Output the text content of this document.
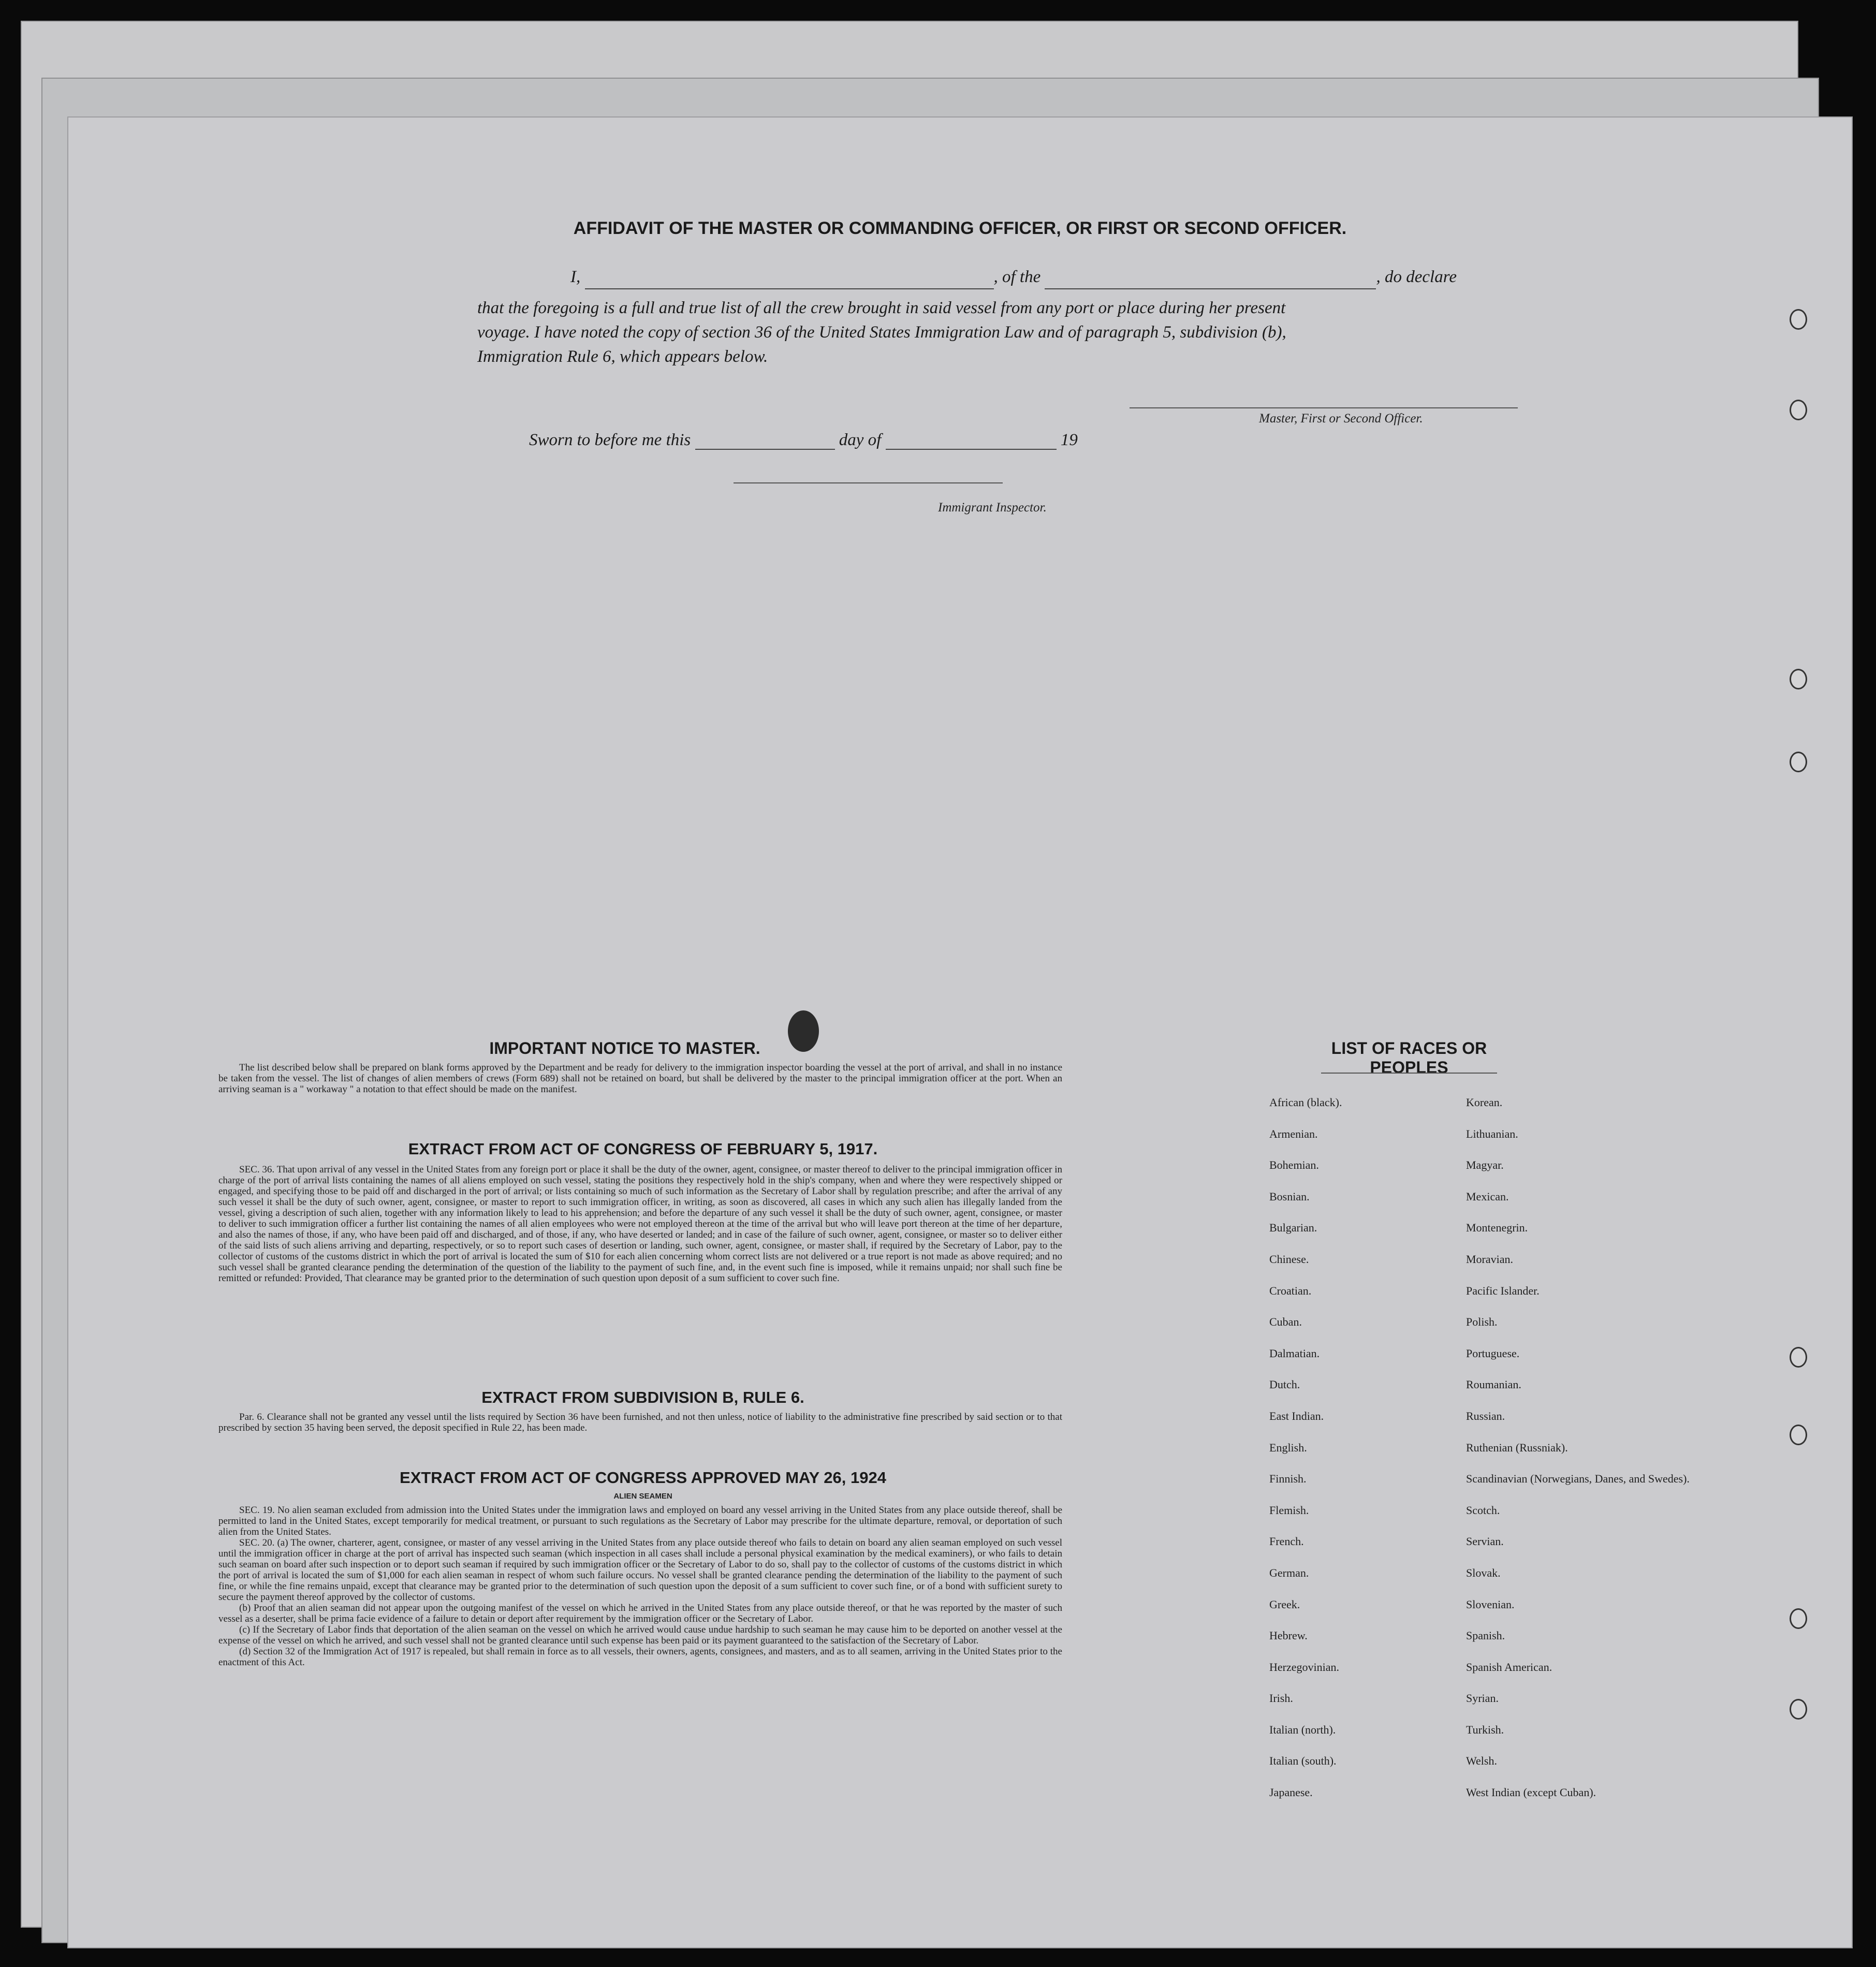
AFFIDAVIT OF THE MASTER OR COMMANDING OFFICER, OR FIRST OR SECOND OFFICER.
I,	, of the	, do declare
that the foregoing is a full and true list of all the crew brought in said vessel from any port or place during her present
voyage. I have noted the copy of section 36 of the United States Immigration Law and of paragraph 5, subdivision (b),
Immigration Rule 6, which appears below.
Master, First or Second Officer.
Sworn to before me this	day of	19
Immigrant Inspector.
IMPORTANT NOTICE TO MASTER.

The list described below shall be prepared on blank forms approved by the Department and be ready for delivery to the immigration inspector boarding the vessel at the port of arrival, and shall in no instance be taken from the vessel. The list of changes of alien members of crews (Form 689) shall not be retained on board, but shall be delivered by the master to the principal immigration officer at the port. When an arriving seaman is a " workaway " a notation to that effect should be made on the manifest.

EXTRACT FROM ACT OF CONGRESS OF FEBRUARY 5, 1917.

SEC. 36. That upon arrival of any vessel in the United States from any foreign port or place it shall be the duty of the owner, agent, consignee, or master thereof to deliver to the principal immigration officer in charge of the port of arrival lists containing the names of all aliens employed on such vessel, stating the positions they respectively hold in the ship's company, when and where they were respectively shipped or engaged, and specifying those to be paid off and discharged in the port of arrival; or lists containing so much of such information as the Secretary of Labor shall by regulation prescribe; and after the arrival of any such vessel it shall be the duty of such owner, agent, consignee, or master to report to such immigration officer, in writing, as soon as discovered, all cases in which any such alien has illegally landed from the vessel, giving a description of such alien, together with any information likely to lead to his apprehension; and before the departure of any such vessel it shall be the duty of such owner, agent, consignee, or master to deliver to such immigration officer a further list containing the names of all alien employees who were not employed thereon at the time of the arrival but who will leave port thereon at the time of her departure, and also the names of those, if any, who have been paid off and discharged, and of those, if any, who have deserted or landed; and in case of the failure of such owner, agent, consignee, or master so to deliver either of the said lists of such aliens arriving and departing, respectively, or so to report such cases of desertion or landing, such owner, agent, consignee, or master shall, if required by the Secretary of Labor, pay to the collector of customs of the customs district in which the port of arrival is located the sum of $10 for each alien concerning whom correct lists are not delivered or a true report is not made as above required; and no such vessel shall be granted clearance pending the determination of the question of the liability to the payment of such fine, and, in the event such fine is imposed, while it remains unpaid; nor shall such fine be remitted or refunded: Provided, That clearance may be granted prior to the determination of such question upon deposit of a sum sufficient to cover such fine.

EXTRACT FROM SUBDIVISION B, RULE 6.

Par. 6. Clearance shall not be granted any vessel until the lists required by Section 36 have been furnished, and not then unless, notice of liability to the administrative fine prescribed by said section or to that prescribed by section 35 having been served, the deposit specified in Rule 22, has been made.

EXTRACT FROM ACT OF CONGRESS APPROVED MAY 26, 1924
ALIEN SEAMEN

SEC. 19. No alien seaman excluded from admission into the United States under the immigration laws and employed on board any vessel arriving in the United States from any place outside thereof, shall be permitted to land in the United States, except temporarily for medical treatment, or pursuant to such regulations as the Secretary of Labor may prescribe for the ultimate departure, removal, or deportation of such alien from the United States.

SEC. 20. (a) The owner, charterer, agent, consignee, or master of any vessel arriving in the United States from any place outside thereof who fails to detain on board any alien seaman employed on such vessel until the immigration officer in charge at the port of arrival has inspected such seaman (which inspection in all cases shall include a personal physical examination by the medical examiners), or who fails to detain such seaman on board after such inspection or to deport such seaman if required by such immigration officer or the Secretary of Labor to do so, shall pay to the collector of customs of the customs district in which the port of arrival is located the sum of $1,000 for each alien seaman in respect of whom such failure occurs. No vessel shall be granted clearance pending the determination of the liability to the payment of such fine, or while the fine remains unpaid, except that clearance may be granted prior to the determination of such question upon the deposit of a sum sufficient to cover such fine, or of a bond with sufficient surety to secure the payment thereof approved by the collector of customs.

(b) Proof that an alien seaman did not appear upon the outgoing manifest of the vessel on which he arrived in the United States from any place outside thereof, or that he was reported by the master of such vessel as a deserter, shall be prima facie evidence of a failure to detain or deport after requirement by the immigration officer or the Secretary of Labor.

(c) If the Secretary of Labor finds that deportation of the alien seaman on the vessel on which he arrived would cause undue hardship to such seaman he may cause him to be deported on another vessel at the expense of the vessel on which he arrived, and such vessel shall not be granted clearance until such expense has been paid or its payment guaranteed to the satisfaction of the Secretary of Labor.

(d) Section 32 of the Immigration Act of 1917 is repealed, but shall remain in force as to all vessels, their owners, agents, consignees, and masters, and as to all seamen, arriving in the United States prior to the enactment of this Act.

LIST OF RACES OR PEOPLES
African (black).
Armenian.
Bohemian.
Bosnian.
Bulgarian.
Chinese.
Croatian.
Cuban.
Dalmatian.
Dutch.
East Indian.
English.
Finnish.
Flemish.
French.
German.
Greek.
Hebrew.
Herzegovinian.
Irish.
Italian (north).
Italian (south).
Japanese.
Korean.
Lithuanian.
Magyar.
Mexican.
Montenegrin.
Moravian.
Pacific Islander.
Polish.
Portuguese.
Roumanian.
Russian.
Ruthenian (Russniak).
Scandinavian (Norwegians, Danes, and Swedes).
Scotch.
Servian.
Slovak.
Slovenian.
Spanish.
Spanish American.
Syrian.
Turkish.
Welsh.
West Indian (except Cuban).
